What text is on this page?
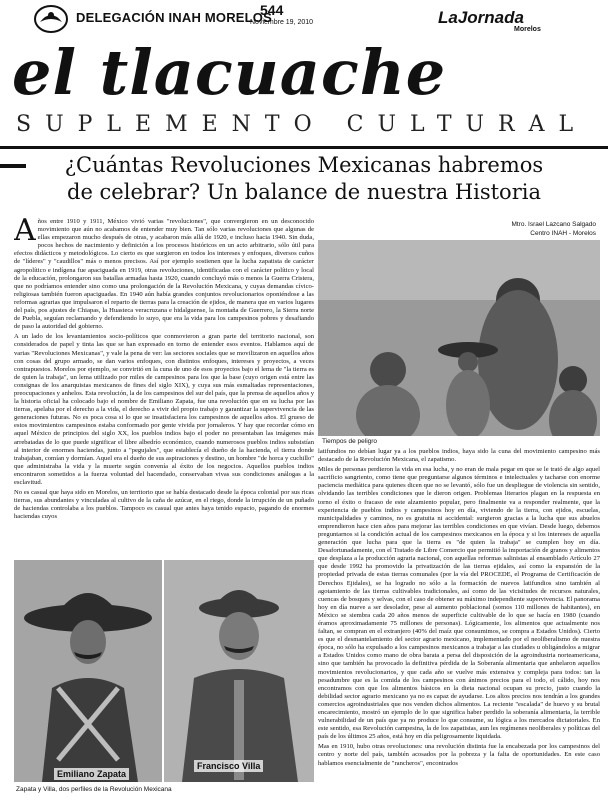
DELEGACIÓN INAH MORELOS
544
Noviembre 19, 2010	LaJornada
Morelos
el tlacuache
SUPLEMENTO CULTURAL
¿Cuántas Revoluciones Mexicanas habremos
de celebrar? Un balance de nuestra Historia
Mtro. Israel Lazcano Salgado
Centro INAH - Morelos

Años entre 1910 y 1911, México vivió varias "revoluciones", que convergieron en un desconocido movimiento que aún no acabamos de entender muy bien. Tan sólo varias revoluciones que algunas de ellas empezaron mucho después de otras, y acabaron más allá de 1920, e incluso hacia 1940. Sin duda, pocos hechos de nacimiento y definición a los procesos históricos en un acto arbitrario, sólo útil para efectos didácticos y metodológicos. Lo cierto es que surgieron en todos los intereses y enfoques, diversos cuños de "líderes" y "caudillos" más o menos precisos. Así por ejemplo sostienen que la lucha zapatista de carácter agropolítico e indígena fue apaciguada en 1919, otras revoluciones, identificadas con el carácter político y local de la educación, prolongaron sus batallas armadas hasta 1920, cuando concluyó más o menos la Guerra Cristera, que no podríamos entender sino como una prolongación de la Revolución Mexicana, y cuyas demandas cívico-religiosas también fueron apaciguadas. En 1940 aún había grandes conjuntos revolucionarios oponiéndose a las reformas agrarias que impulsaron el reparto de tierras para la creación de ejidos, de manera que en varios lugares del país, pos ajustes de Chiapas, la Huasteca veracruzana e hidalguense, la montaña de Guerrero, la Sierra norte de Puebla, seguían reclamando y defendiendo lo suyo, que era la vida para los campesinos pobres y desafiando de paso la autoridad del gobierno.

A un lado de los levantamientos socio-políticos que conmovieron a gran parte del territorio nacional, son considerados de papel y tinta las que se han expresado en torno de entender esos eventos. Hablamos aquí de varias "Revoluciones Mexicanas", y vale la pena de ver: las sectores sociales que se movilizaron en aquellos años con cosas del grupo armado, se dan varios enfoques, con distintos enfoques, intereses y proyectos, a veces contrapuestos. Morelos por ejemplo, se convirtió en la cuna de uno de esos proyectos bajo el lema de "la tierra es de quien la trabaja", un lema utilizado por miles de campesinos para los que la base (cuyo origen está entre las consignas de los anarquistas mexicanos de fines del siglo XIX), y cuya sus más esmaltadas representaciones, preocupaciones y anhelos. Esta revolución, la de los campesinos del sur del país, que la prensa de aquellos años y la historia oficial ha colocado bajo el nombre de Emiliano Zapata, fue una revolución que en su lucha por las tierras, apelaba por el derecho a la vida, el derecho a vivir del propio trabajo y garantizar la supervivencia de las generaciones futuras. No es poca cosa si lo que se insatisfaciera los campesinos de aquellos años. El grueso de estos movimientos campesinos estaba conformado por gente vivida por jornaleros. Y hay que recordar cómo en aquel México de principios del siglo XX, los pueblos indios bajo el poder no presentaban las imágenes más arrebatadas de lo que puede significar el libre albedrío económico, cuando numerosos pueblos indios subsistían al interior de enormes haciendas, junto a "pegujales", que establecía el dueño de la hacienda, el tierra donde trabajaban, comían y dormían. Aquel era el dueño de sus aspiraciones y destino, un hombre "de horca y cuchillo" que administraba la vida y la muerte según convenía al éxito de los negocios. Aquellos pueblos indios encontraron sometidos a la fuerza voluntad del hacendado, conservaban vivas sus condiciones análogas a la esclavitud.

No es casual que haya sido en Morelos, un territorio que se había destacado desde la época colonial por sus ricas tierras, sus abundantes y vinculadas al cultivo de la caña de azúcar, en el riego, donde la irrupción de un puñado de haciendas controlaba a los pueblos. Tampoco es casual que antes haya tenido espacio, pagando de enormes haciendas cuyos

Tiempos de peligro

latifundios no debían lugar ya a los pueblos indios, haya sido la cuna del movimiento campesino más destacado de la Revolución Mexicana, el zapatismo.

Miles de personas perdieron la vida en esa lucha, y no eran de mala pegar en que se le trató de algo aquel sacrificio sangriento, como tiene que preguntarse algunos términos e intelectuales y tacharse con enorme paciencia mediática para quienes dicen que no se levantó, sólo fue un despliegue de violencia sin sentido, olvidando las terribles condiciones que le dieron origen. Problemas literarios plagan en la respuesta en torno el éxito o fracaso de este alzamiento popular, pero finalmente va a responder realmente, que la experiencia de pueblos indios y campesinos hoy en día, viviendo de la tierra, con ejidos, escuelas, municipalidades y caminos, no es gratuita ni accidental: surgieron gracias a la lucha que sus abuelos emprendieron hace cien años para mejorar las terribles condiciones en que vivían. Desde luego, debemos preguntarnos si la condición actual de los campesinos mexicanos en la época y si los intereses de aquella generación que lucha para que la tierra es "de quien la trabaja" se cumplen hoy en día. Desafortunadamente, con el Tratado de Libre Comercio que permitió la importación de granos y alimentos que desplaza a la producción agraria nacional, con aquellas reformas salinistas al ensamblado Artículo 27 que desde 1992 ha promovido la privatización de las tierras ejidales, así como la expansión de la propiedad privada de estas tierras comunales (por la vía del PROCEDE, el Programa de Certificación de Derechos Ejidales), se ha logrado no sólo a la formación de nuevos latifundios sino también al agotamiento de las tierras cultivables tradicionales, así como de las vicisitudes de recursos naturales, cuencas de bosques y selvas, con el caso de obtener su máximo independiente supervivencia. El panorama hoy en día nueve a ser desolador, pese al aumento poblacional (somos 110 millones de habitantes), en México se siembra cada 20 años menos de superficie cultivable de lo que se hacía en 1980 (cuando éramos aproximadamente 75 millones de personas). Lógicamente, los alimentos que actualmente nos faltan, se compran en el extranjero (40% del maíz que consumimos, se compra a Estados Unidos). Cierto es que el desmantelamiento del sector agrario mexicano, implementado por el neoliberalismo de nuestra época, no sólo ha expulsado a los campesinos mexicanos a trabajar a las ciudades u obligándolos a migrar a Estados Unidos como mano de obra barata a persa del disposición de la agroindustria norteamericana, sino que también ha provocado la definitiva pérdida de la Soberanía alimentaria que anhelaron aquellos movimientos revolucionarios, y que cada año se vuelve más extensiva y compleja para todos: tan la pesadumbre que es la comida de los campesinos con ánimos precios para el todo, el cálido, hoy nos encontramos con que los alimentos básicos en la dieta nacional ocupan su precio, justo cuando la debilidad sector agrario mexicano ya no es capaz de ayudarse. Los altos precios nos tendrán a los grandes comercios agroindustriales que nos venden dichos alimentos. La reciente "escalada" de huevo y su brutal encarecimiento, mostró un ejemplo de lo que significa haber perdido la soberanía alimentaria, la terrible vulnerabilidad de un país que ya no produce lo que consume, su lógica a los mercados dictatoriales. En este sentido, esa Revolución campesina, la de los zapatistas, aun les regímenes neoliberales y políticas del país de los últimos 25 años, está hoy en día peligrosamente liquidada.

Mas en 1910, hubo otras revoluciones: una revolución distinta fue la encabezada por los campesinos del centro y norte del país, también acosados por la pobreza y la falta de oportunidades. En este caso hablamos esencialmente de "rancheros", encontrados

Emiliano Zapata
Francisco Villa
Zapata y Villa, dos perfiles de la Revolución Mexicana
